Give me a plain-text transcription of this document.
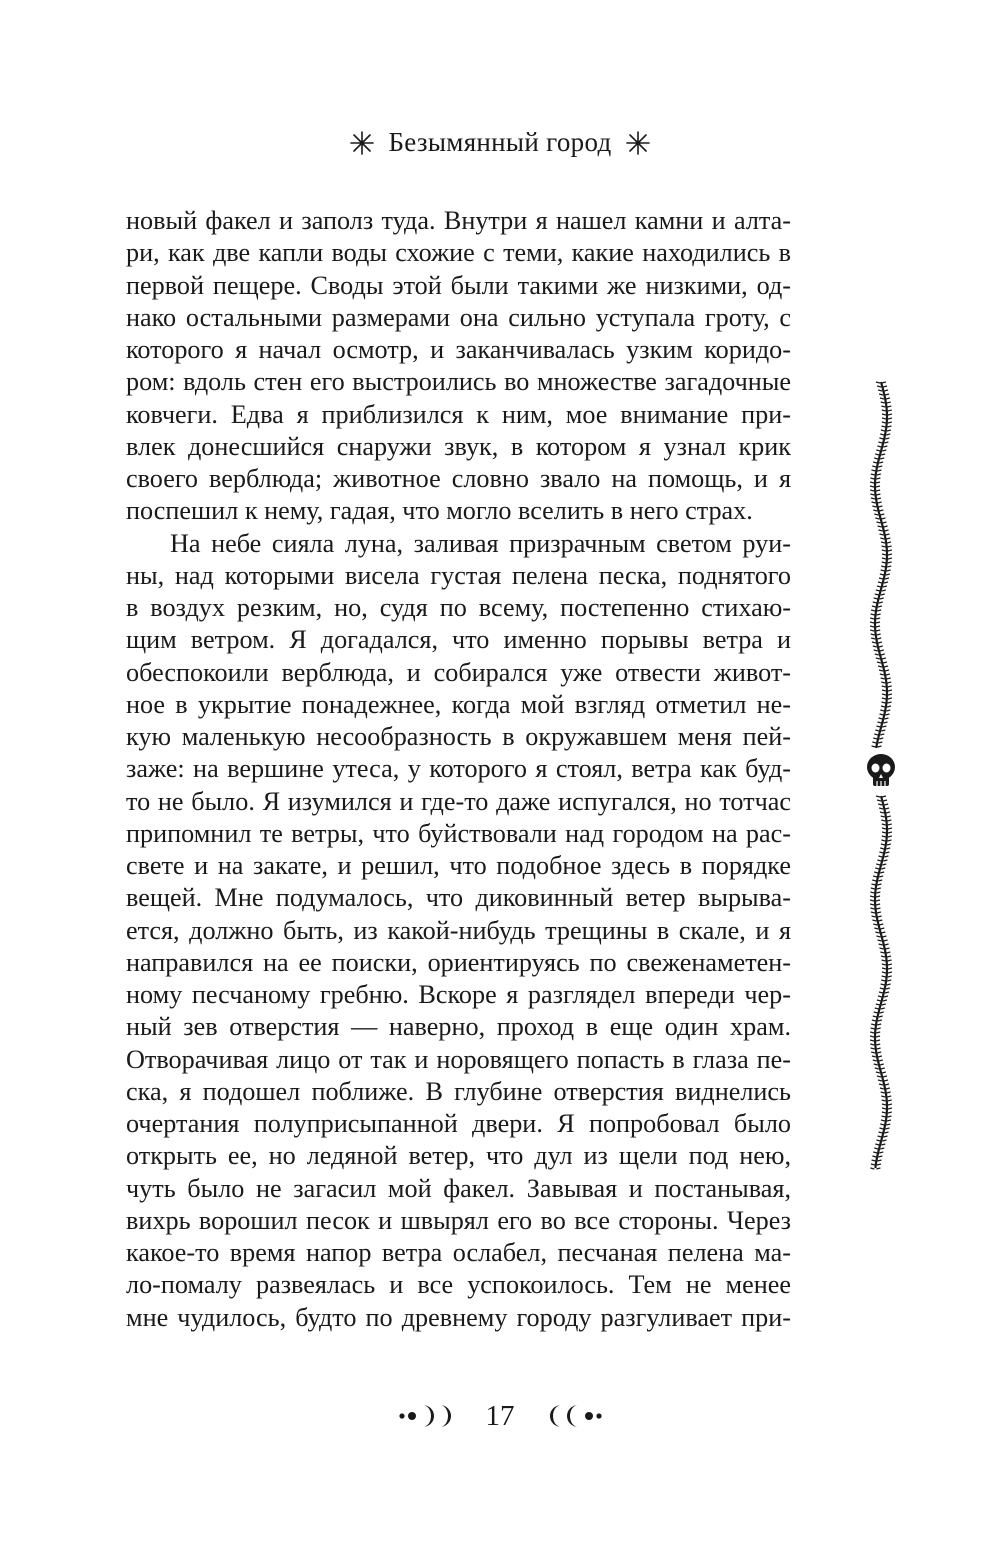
Безымянный город
новый факел и заполз туда. Внутри я нашел камни и алта-
ри, как две капли воды схожие с теми, какие находились в
первой пещере. Своды этой были такими же низкими, од-
нако остальными размерами она сильно уступала гроту, с
которого я начал осмотр, и заканчивалась узким коридо-
ром: вдоль стен его выстроились во множестве загадочные
ковчеги. Едва я приблизился к ним, мое внимание при-
влек донесшийся снаружи звук, в котором я узнал крик
своего верблюда; животное словно звало на помощь, и я
поспешил к нему, гадая, что могло вселить в него страх.
На небе сияла луна, заливая призрачным светом руи-
ны, над которыми висела густая пелена песка, поднятого
в воздух резким, но, судя по всему, постепенно стихаю-
щим ветром. Я догадался, что именно порывы ветра и
обеспокоили верблюда, и собирался уже отвести живот-
ное в укрытие понадежнее, когда мой взгляд отметил не-
кую маленькую несообразность в окружавшем меня пей-
заже: на вершине утеса, у которого я стоял, ветра как буд-
то не было. Я изумился и где-то даже испугался, но тотчас
припомнил те ветры, что буйствовали над городом на рас-
свете и на закате, и решил, что подобное здесь в порядке
вещей. Мне подумалось, что диковинный ветер вырыва-
ется, должно быть, из какой-нибудь трещины в скале, и я
направился на ее поиски, ориентируясь по свеженаметен-
ному песчаному гребню. Вскоре я разглядел впереди чер-
ный зев отверстия — наверно, проход в еще один храм.
Отворачивая лицо от так и норовящего попасть в глаза пе-
ска, я подошел поближе. В глубине отверстия виднелись
очертания полуприсыпанной двери. Я попробовал было
открыть ее, но ледяной ветер, что дул из щели под нею,
чуть было не загасил мой факел. Завывая и постанывая,
вихрь ворошил песок и швырял его во все стороны. Через
какое-то время напор ветра ослабел, песчаная пелена ма-
ло-помалу развеялась и все успокоилось. Тем не менее
мне чудилось, будто по древнему городу разгуливает при-
17
